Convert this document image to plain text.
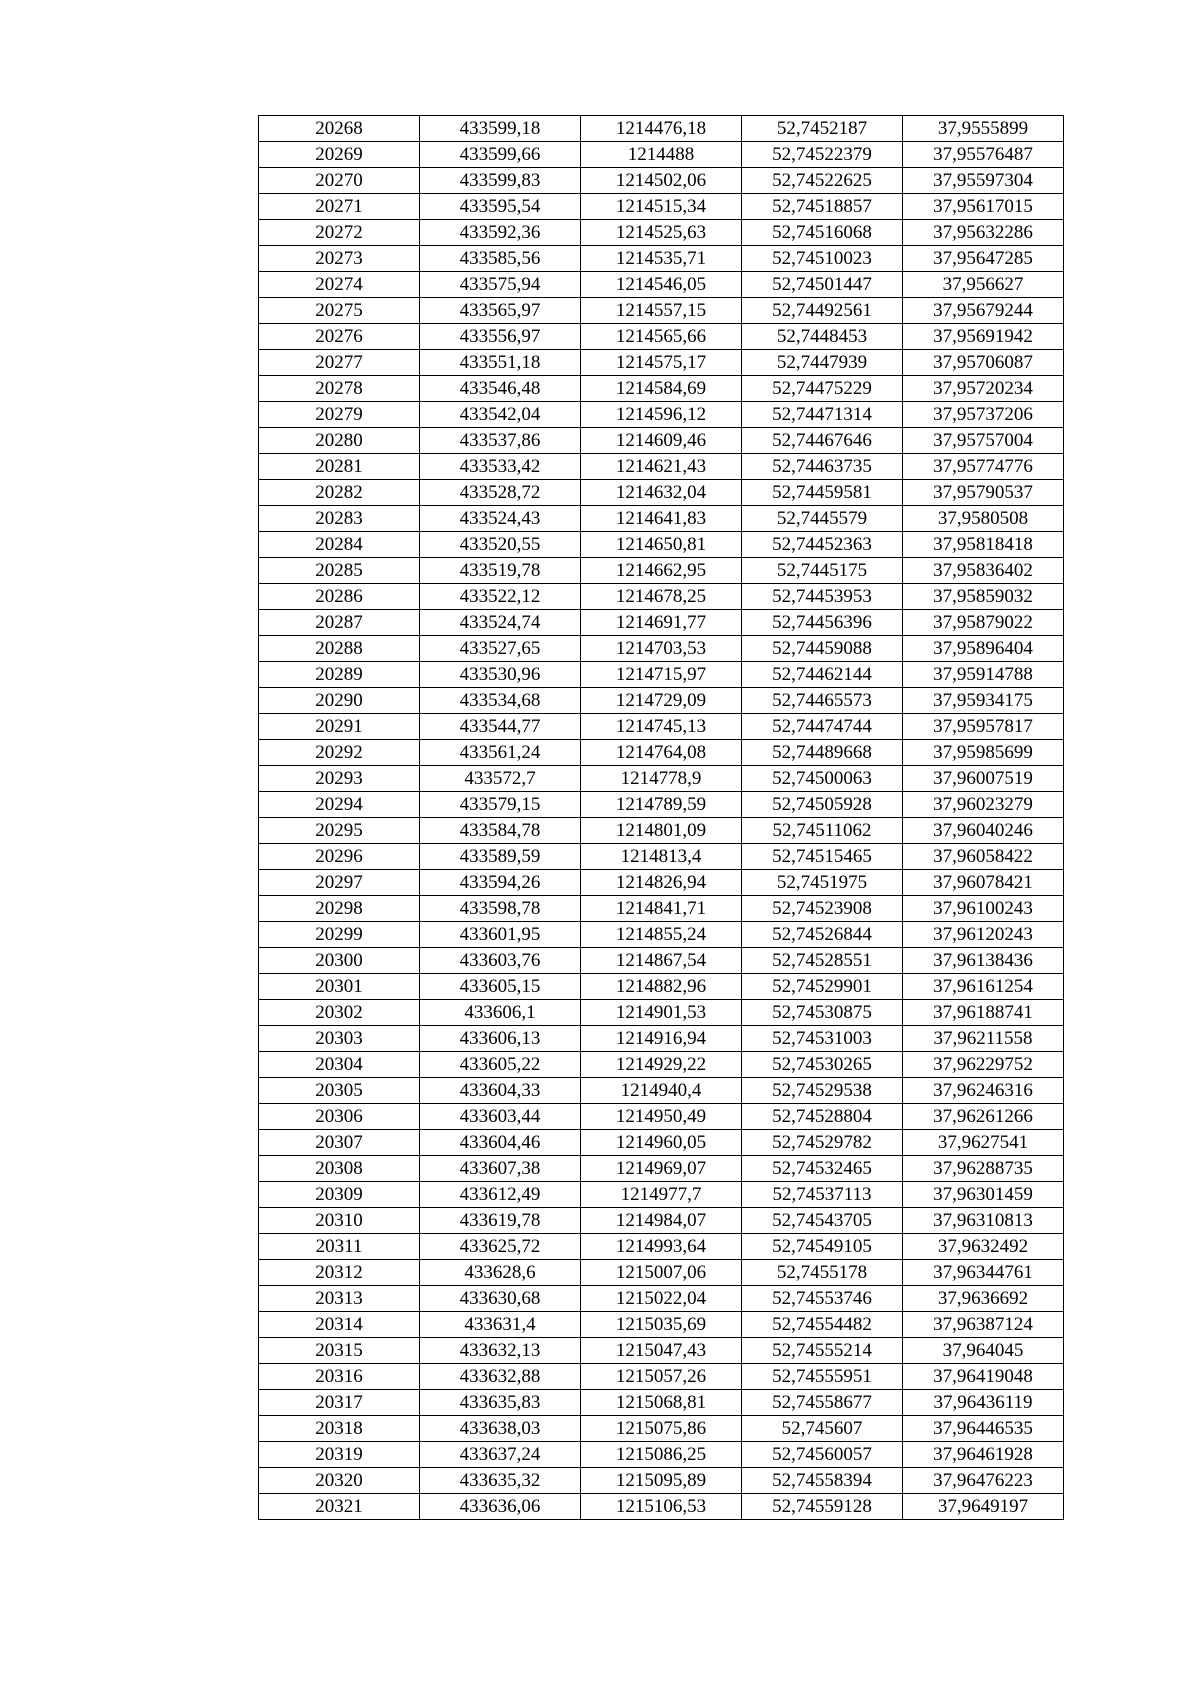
20268	433599,18	1214476,18	52,7452187	37,9555899
20269	433599,66	1214488	52,74522379	37,95576487
20270	433599,83	1214502,06	52,74522625	37,95597304
20271	433595,54	1214515,34	52,74518857	37,95617015
20272	433592,36	1214525,63	52,74516068	37,95632286
20273	433585,56	1214535,71	52,74510023	37,95647285
20274	433575,94	1214546,05	52,74501447	37,956627
20275	433565,97	1214557,15	52,74492561	37,95679244
20276	433556,97	1214565,66	52,7448453	37,95691942
20277	433551,18	1214575,17	52,7447939	37,95706087
20278	433546,48	1214584,69	52,74475229	37,95720234
20279	433542,04	1214596,12	52,74471314	37,95737206
20280	433537,86	1214609,46	52,74467646	37,95757004
20281	433533,42	1214621,43	52,74463735	37,95774776
20282	433528,72	1214632,04	52,74459581	37,95790537
20283	433524,43	1214641,83	52,7445579	37,9580508
20284	433520,55	1214650,81	52,74452363	37,95818418
20285	433519,78	1214662,95	52,7445175	37,95836402
20286	433522,12	1214678,25	52,74453953	37,95859032
20287	433524,74	1214691,77	52,74456396	37,95879022
20288	433527,65	1214703,53	52,74459088	37,95896404
20289	433530,96	1214715,97	52,74462144	37,95914788
20290	433534,68	1214729,09	52,74465573	37,95934175
20291	433544,77	1214745,13	52,74474744	37,95957817
20292	433561,24	1214764,08	52,74489668	37,95985699
20293	433572,7	1214778,9	52,74500063	37,96007519
20294	433579,15	1214789,59	52,74505928	37,96023279
20295	433584,78	1214801,09	52,74511062	37,96040246
20296	433589,59	1214813,4	52,74515465	37,96058422
20297	433594,26	1214826,94	52,7451975	37,96078421
20298	433598,78	1214841,71	52,74523908	37,96100243
20299	433601,95	1214855,24	52,74526844	37,96120243
20300	433603,76	1214867,54	52,74528551	37,96138436
20301	433605,15	1214882,96	52,74529901	37,96161254
20302	433606,1	1214901,53	52,74530875	37,96188741
20303	433606,13	1214916,94	52,74531003	37,96211558
20304	433605,22	1214929,22	52,74530265	37,96229752
20305	433604,33	1214940,4	52,74529538	37,96246316
20306	433603,44	1214950,49	52,74528804	37,96261266
20307	433604,46	1214960,05	52,74529782	37,9627541
20308	433607,38	1214969,07	52,74532465	37,96288735
20309	433612,49	1214977,7	52,74537113	37,96301459
20310	433619,78	1214984,07	52,74543705	37,96310813
20311	433625,72	1214993,64	52,74549105	37,9632492
20312	433628,6	1215007,06	52,7455178	37,96344761
20313	433630,68	1215022,04	52,74553746	37,9636692
20314	433631,4	1215035,69	52,74554482	37,96387124
20315	433632,13	1215047,43	52,74555214	37,964045
20316	433632,88	1215057,26	52,74555951	37,96419048
20317	433635,83	1215068,81	52,74558677	37,96436119
20318	433638,03	1215075,86	52,745607	37,96446535
20319	433637,24	1215086,25	52,74560057	37,96461928
20320	433635,32	1215095,89	52,74558394	37,96476223
20321	433636,06	1215106,53	52,74559128	37,9649197
